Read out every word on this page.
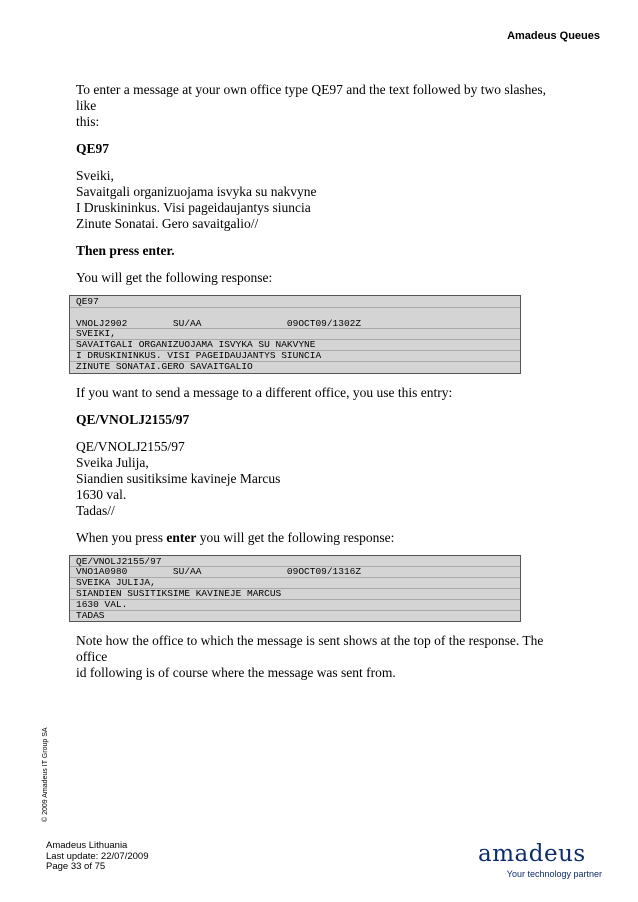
Amadeus Queues

To enter a message at your own office type QE97 and the text followed by two slashes, like

this:

QE97

Sveiki,

Savaitgali organizuojama isvyka su nakvyne

I Druskininkus. Visi pageidaujantys siuncia

Zinute Sonatai. Gero savaitgalio//

Then press enter.

You will get the following response:

QE97

VNOLJ2902        SU/AA               09OCT09/1302Z
SVEIKI,
SAVAITGALI ORGANIZUOJAMA ISVYKA SU NAKVYNE
I DRUSKININKUS. VISI PAGEIDAUJANTYS SIUNCIA
ZINUTE SONATAI.GERO SAVAITGALIO

If you want to send a message to a different office, you use this entry:

QE/VNOLJ2155/97

QE/VNOLJ2155/97

Sveika Julija,

Siandien susitiksime kavineje Marcus

1630 val.

Tadas//

When you press enter you will get the following response:

QE/VNOLJ2155/97
VNO1A0980        SU/AA               09OCT09/1316Z
SVEIKA JULIJA,
SIANDIEN SUSITIKSIME KAVINEJE MARCUS
1630 VAL.
TADAS

Note how the office to which the message is sent shows at the top of the response. The office

id following is of course where the message was sent from.

© 2009 Amadeus IT Group SA
Amadeus Lithuania
Last update: 22/07/2009
Page 33 of 75	amadeus
Your technology partner
